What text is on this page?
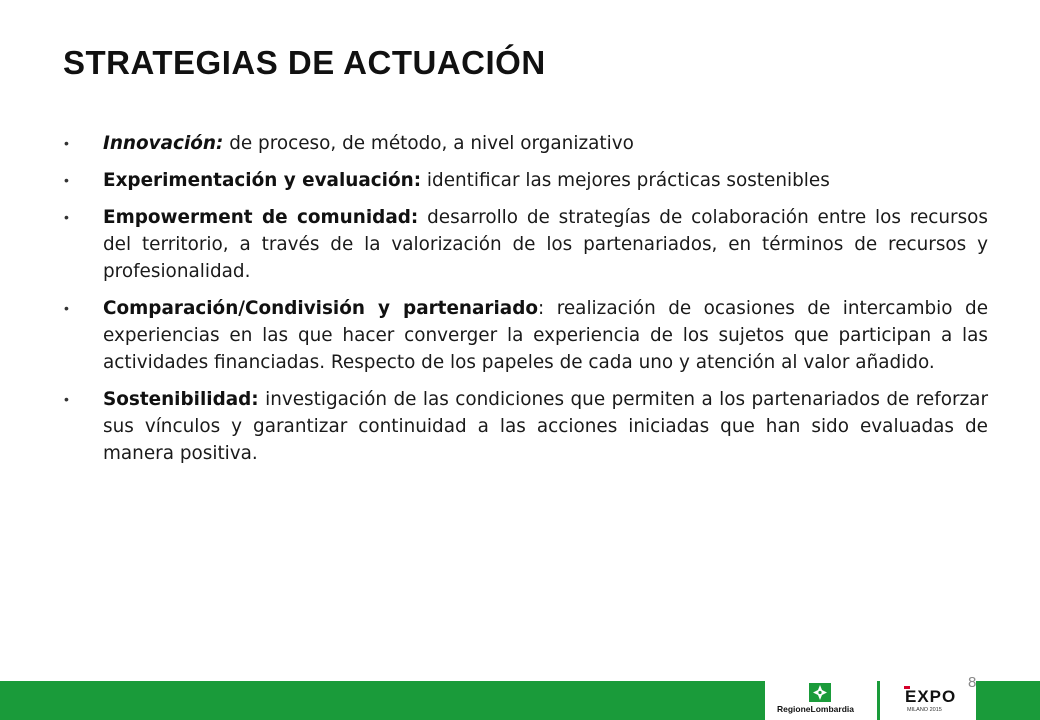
STRATEGIAS DE ACTUACIÓN
• Innovación: de proceso, de método, a nivel organizativo
• Experimentación y evaluación: identificar las mejores prácticas sostenibles
• Empowerment de comunidad: desarrollo de strategías de colaboración entre los recursos del territorio, a través de la valorización de los partenariados, en términos de recursos y profesionalidad.
• Comparación/Condivisión y partenariado: realización de ocasiones de intercambio de experiencias en las que hacer converger la experiencia de los sujetos que participan a las actividades financiadas. Respecto de los papeles de cada uno y atención al valor añadido.
• Sostenibilidad: investigación de las condiciones que permiten a los partenariados de reforzar sus vínculos y garantizar continuidad a las acciones iniciadas que han sido evaluadas de manera positiva.
RegioneLombardia
EXPO
MILANO 2015
8
